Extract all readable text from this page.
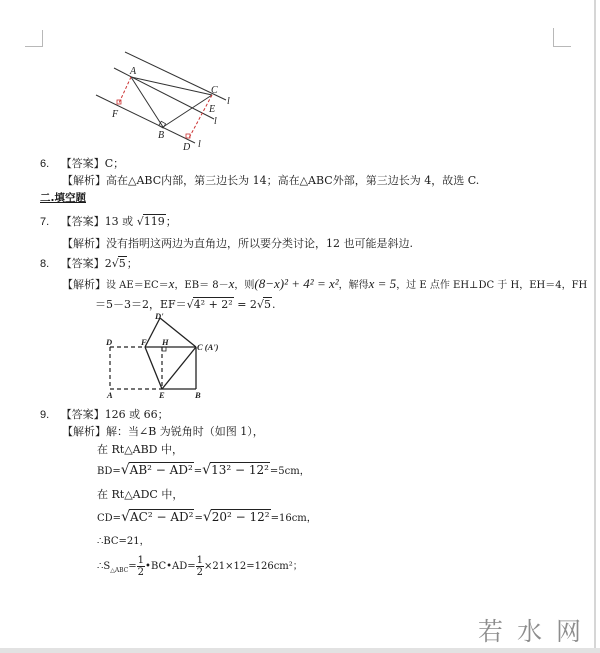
A
C
E
F
B
D
l
l
l
6. 【答案】C；
【解析】高在△ABC内部，第三边长为 14；高在△ABC外部，第三边长为 4，故选 C.
二.填空题
7. 【答案】13 或 √119；
【解析】没有指明这两边为直角边，所以要分类讨论，12 也可能是斜边.
8. 【答案】2√5；
【解析】设 AE＝EC＝x，EB＝ 8－x，则(8−x)² + 4² = x²，解得x = 5，过 E 点作 EH⊥DC 于 H，EH＝4，FH
＝5－3＝2，EF＝√4² + 2² = 2√5.
D'
D	F H	C (A')
A	E	B
9. 【答案】126 或 66；
【解析】解：当∠B 为锐角时（如图 1），
在 Rt△ABD 中，
BD=√AB² − AD²=√13² − 12²=5cm，
在 Rt△ADC 中，
CD=√AC² − AD²=√20² − 12²=16cm，
∴BC=21，
$\therefore S_{\triangle ABC}= \frac{1}{2}$ •BC•AD= $\frac{1}{2} \times 21\times 12=126cm^2$；
若水网
